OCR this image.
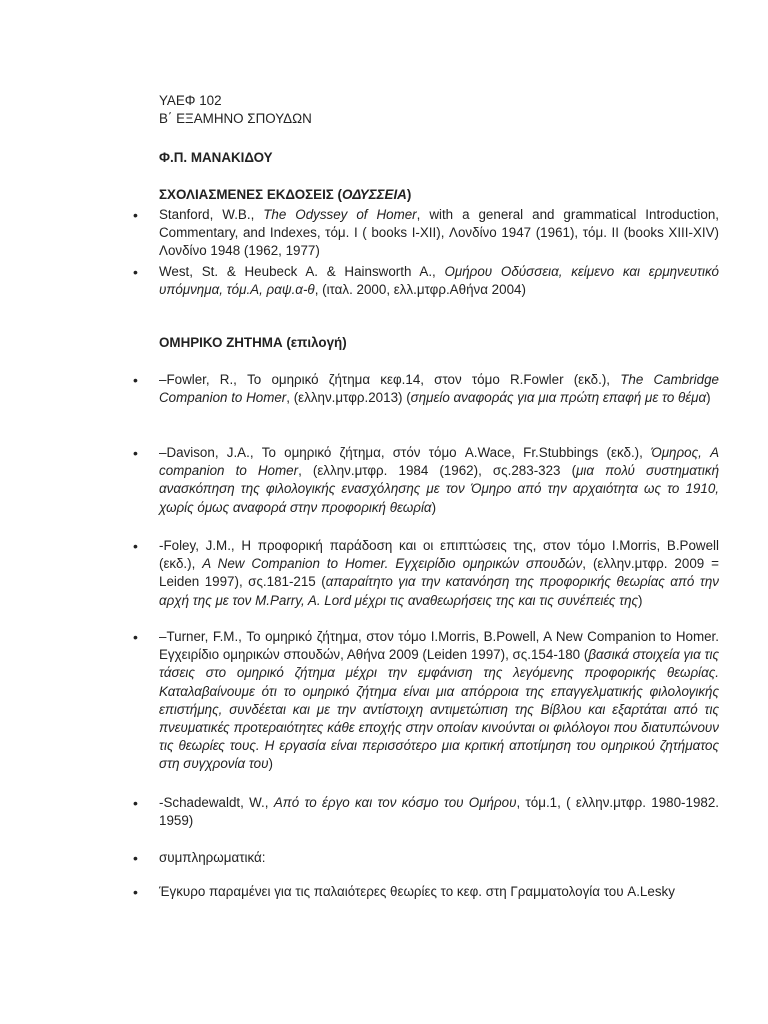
ΥΑΕΦ 102
Β΄ ΕΞΑΜΗΝΟ ΣΠΟΥΔΩΝ
Φ.Π. ΜΑΝΑΚΙΔΟΥ
ΣΧΟΛΙΑΣΜΕΝΕΣ ΕΚΔΟΣΕΙΣ (ΟΔΥΣΣΕΙΑ)
• Stanford, W.B., The Odyssey of Homer, with a general and grammatical Introduction, Commentary, and Indexes, τόμ. I ( books I-XII), Λονδίνο 1947 (1961), τόμ. II (books XIII-XIV) Λονδίνο 1948 (1962, 1977)
• West, St. & Heubeck A. & Hainsworth A., Ομήρου Οδύσσεια, κείμενο και ερμηνευτικό υπόμνημα, τόμ.Α, ραψ.α-θ, (ιταλ. 2000, ελλ.μτφρ.Αθήνα 2004)
ΟΜΗΡΙΚΟ ΖΗΤΗΜΑ (επιλογή)
• –Fowler, R., Το ομηρικό ζήτημα κεφ.14, στον τόμο R.Fowler (εκδ.), The Cambridge Companion to Homer, (ελλην.μτφρ.2013) (σημείο αναφοράς για μια πρώτη επαφή με το θέμα)
• –Davison, J.A., Το ομηρικό ζήτημα, στόν τόμο A.Wace, Fr.Stubbings (εκδ.), Όμηρος, A companion to Homer, (ελλην.μτφρ. 1984 (1962), σς.283-323 (μια πολύ συστηματική ανασκόπηση της φιλολογικής ενασχόλησης με τον Όμηρο από την αρχαιότητα ως το 1910, χωρίς όμως αναφορά στην προφορική θεωρία)
• -Foley, J.M., Η προφορική παράδοση και οι επιπτώσεις της, στον τόμο I.Morris, B.Powell (εκδ.), A New Companion to Homer. Εγχειρίδιο ομηρικών σπουδών, (ελλην.μτφρ. 2009 = Leiden 1997), σς.181-215 (απαραίτητο για την κατανόηση της προφορικής θεωρίας από την αρχή της με τον M.Parry, A. Lord μέχρι τις αναθεωρήσεις της και τις συνέπειές της)
• –Turner, F.M., Το ομηρικό ζήτημα, στον τόμο I.Morris, B.Powell, A New Companion to Homer. Εγχειρίδιο ομηρικών σπουδών, Αθήνα 2009 (Leiden 1997), σς.154-180 (βασικά στοιχεία για τις τάσεις στο ομηρικό ζήτημα μέχρι την εμφάνιση της λεγόμενης προφορικής θεωρίας. Καταλαβαίνουμε ότι το ομηρικό ζήτημα είναι μια απόρροια της επαγγελματικής φιλολογικής επιστήμης, συνδέεται και με την αντίστοιχη αντιμετώπιση της Βίβλου και εξαρτάται από τις πνευματικές προτεραιότητες κάθε εποχής στην οποίαν κινούνται οι φιλόλογοι που διατυπώνουν τις θεωρίες τους. Η εργασία είναι περισσότερο μια κριτική αποτίμηση του ομηρικού ζητήματος στη συγχρονία του)
• -Schadewaldt, W., Από το έργο και τον κόσμο του Ομήρου, τόμ.1, ( ελλην.μτφρ. 1980-1982. 1959)
• συμπληρωματικά:
• Έγκυρο παραμένει για τις παλαιότερες θεωρίες το κεφ. στη Γραμματολογία του A.Lesky
